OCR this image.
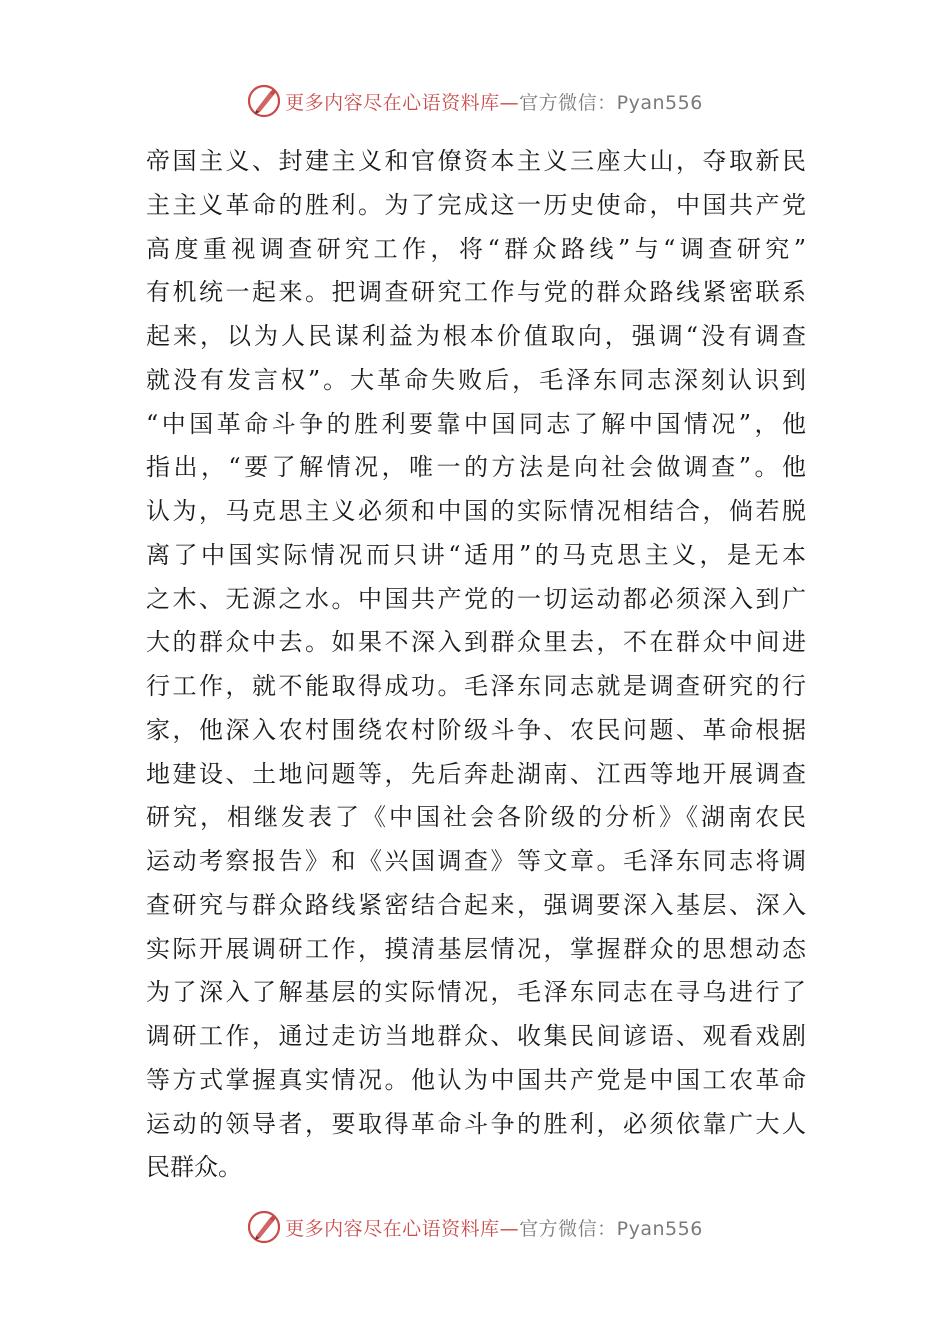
更多内容尽在心语资料库—官方微信：Pyan556
帝国主义、封建主义和官僚资本主义三座大山，夺取新民
主主义革命的胜利。为了完成这一历史使命，中国共产党
高度重视调查研究工作，将“群众路线”与“调查研究”
有机统一起来。把调查研究工作与党的群众路线紧密联系
起来，以为人民谋利益为根本价值取向，强调“没有调查
就没有发言权”。大革命失败后，毛泽东同志深刻认识到
“中国革命斗争的胜利要靠中国同志了解中国情况”，他
指出，“要了解情况，唯一的方法是向社会做调查”。他
认为，马克思主义必须和中国的实际情况相结合，倘若脱
离了中国实际情况而只讲“适用”的马克思主义，是无本
之木、无源之水。中国共产党的一切运动都必须深入到广
大的群众中去。如果不深入到群众里去，不在群众中间进
行工作，就不能取得成功。毛泽东同志就是调查研究的行
家，他深入农村围绕农村阶级斗争、农民问题、革命根据
地建设、土地问题等，先后奔赴湖南、江西等地开展调查
研究，相继发表了《中国社会各阶级的分析》《湖南农民
运动考察报告》和《兴国调查》等文章。毛泽东同志将调
查研究与群众路线紧密结合起来，强调要深入基层、深入
实际开展调研工作，摸清基层情况，掌握群众的思想动态
为了深入了解基层的实际情况，毛泽东同志在寻乌进行了
调研工作，通过走访当地群众、收集民间谚语、观看戏剧
等方式掌握真实情况。他认为中国共产党是中国工农革命
运动的领导者，要取得革命斗争的胜利，必须依靠广大人
民群众。
更多内容尽在心语资料库—官方微信：Pyan556
